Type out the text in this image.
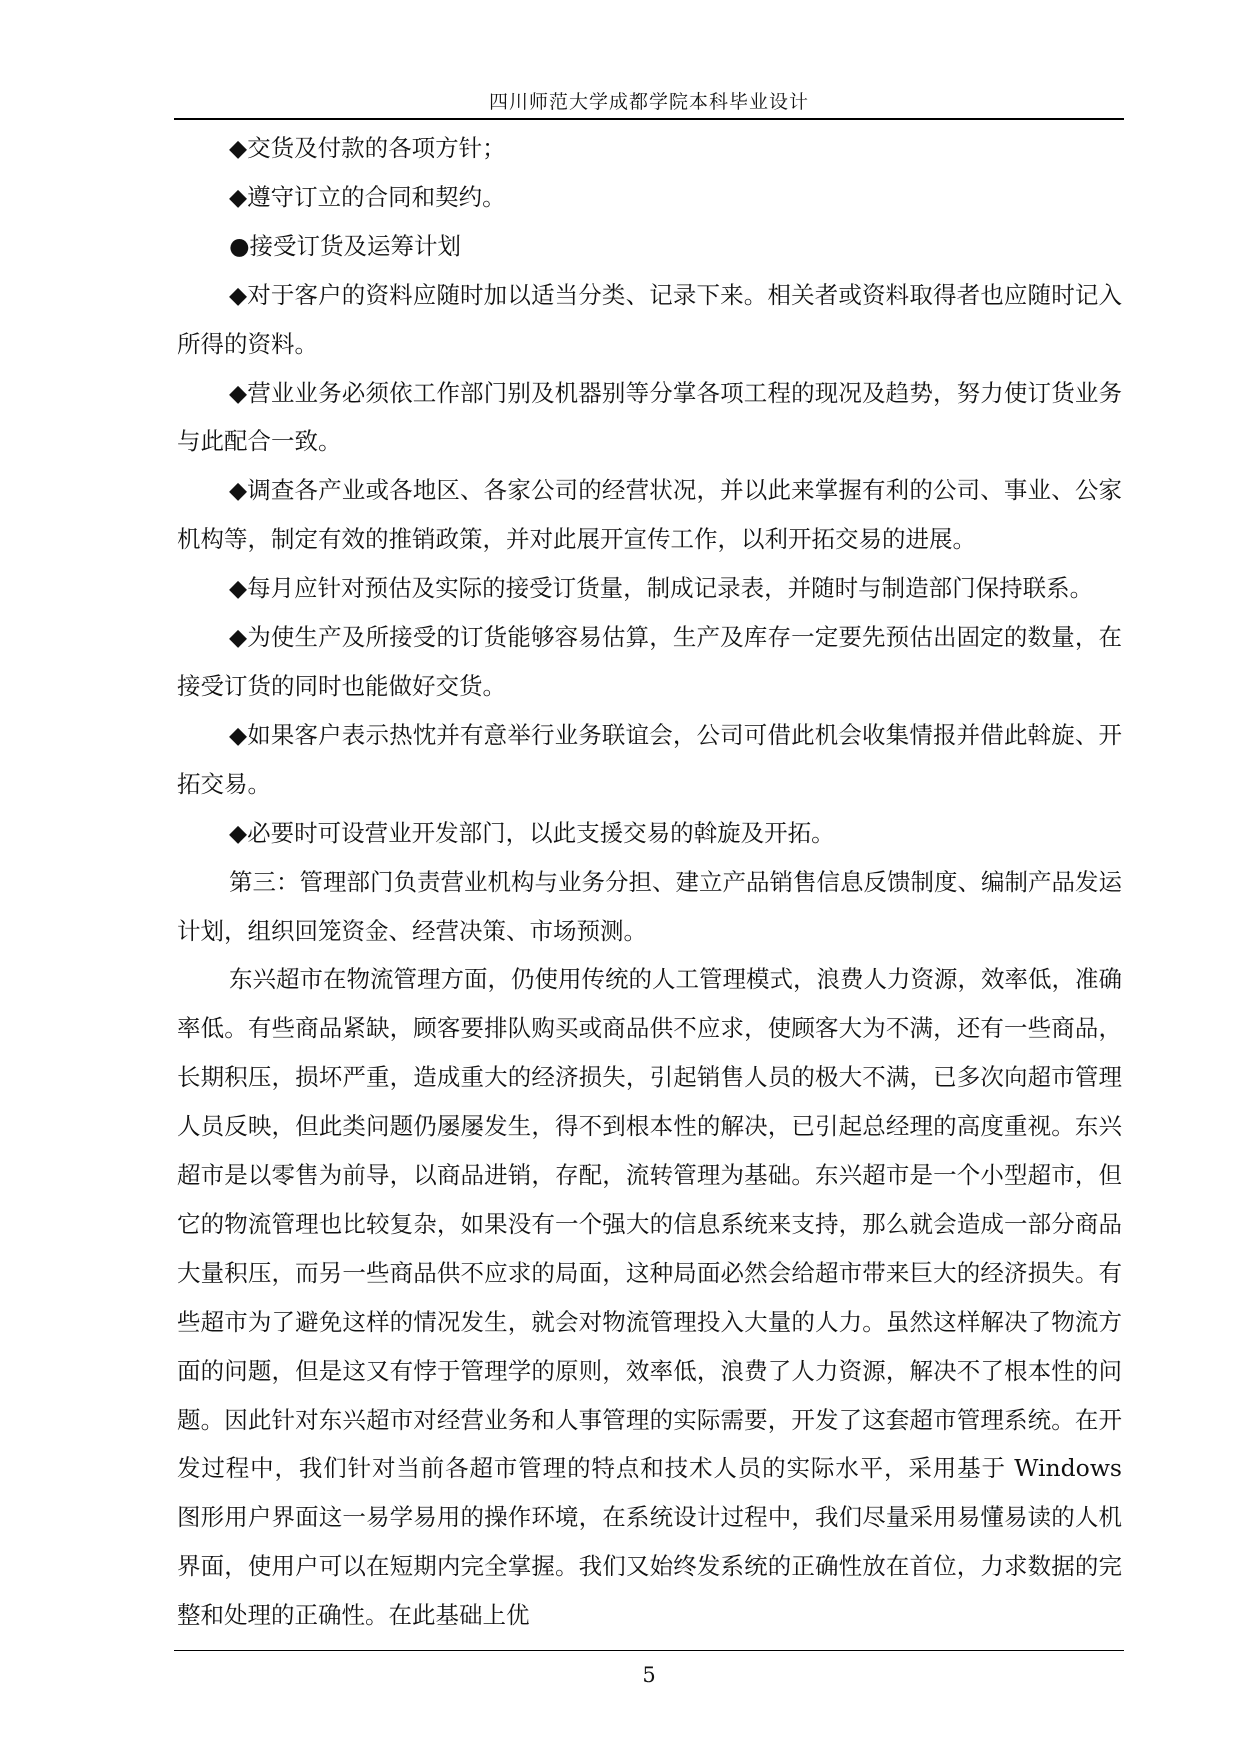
四川师范大学成都学院本科毕业设计

◆交货及付款的各项方针；

◆遵守订立的合同和契约。

●接受订货及运筹计划

◆对于客户的资料应随时加以适当分类、记录下来。相关者或资料取得者也应随时记入所得的资料。

◆营业业务必须依工作部门别及机器别等分掌各项工程的现况及趋势，努力使订货业务与此配合一致。

◆调查各产业或各地区、各家公司的经营状况，并以此来掌握有利的公司、事业、公家机构等，制定有效的推销政策，并对此展开宣传工作，以利开拓交易的进展。

◆每月应针对预估及实际的接受订货量，制成记录表，并随时与制造部门保持联系。

◆为使生产及所接受的订货能够容易估算，生产及库存一定要先预估出固定的数量，在接受订货的同时也能做好交货。

◆如果客户表示热忱并有意举行业务联谊会，公司可借此机会收集情报并借此斡旋、开拓交易。

◆必要时可设营业开发部门，以此支援交易的斡旋及开拓。

第三：管理部门负责营业机构与业务分担、建立产品销售信息反馈制度、编制产品发运计划，组织回笼资金、经营决策、市场预测。

东兴超市在物流管理方面，仍使用传统的人工管理模式，浪费人力资源，效率低，准确率低。有些商品紧缺，顾客要排队购买或商品供不应求，使顾客大为不满，还有一些商品，长期积压，损坏严重，造成重大的经济损失，引起销售人员的极大不满，已多次向超市管理人员反映，但此类问题仍屡屡发生，得不到根本性的解决，已引起总经理的高度重视。东兴超市是以零售为前导，以商品进销，存配，流转管理为基础。东兴超市是一个小型超市，但它的物流管理也比较复杂，如果没有一个强大的信息系统来支持，那么就会造成一部分商品大量积压，而另一些商品供不应求的局面，这种局面必然会给超市带来巨大的经济损失。有些超市为了避免这样的情况发生，就会对物流管理投入大量的人力。虽然这样解决了物流方面的问题，但是这又有悖于管理学的原则，效率低，浪费了人力资源，解决不了根本性的问题。因此针对东兴超市对经营业务和人事管理的实际需要，开发了这套超市管理系统。在开发过程中，我们针对当前各超市管理的特点和技术人员的实际水平，采用基于 Windows 图形用户界面这一易学易用的操作环境，在系统设计过程中，我们尽量采用易懂易读的人机界面，使用户可以在短期内完全掌握。我们又始终发系统的正确性放在首位，力求数据的完整和处理的正确性。在此基础上优

5
